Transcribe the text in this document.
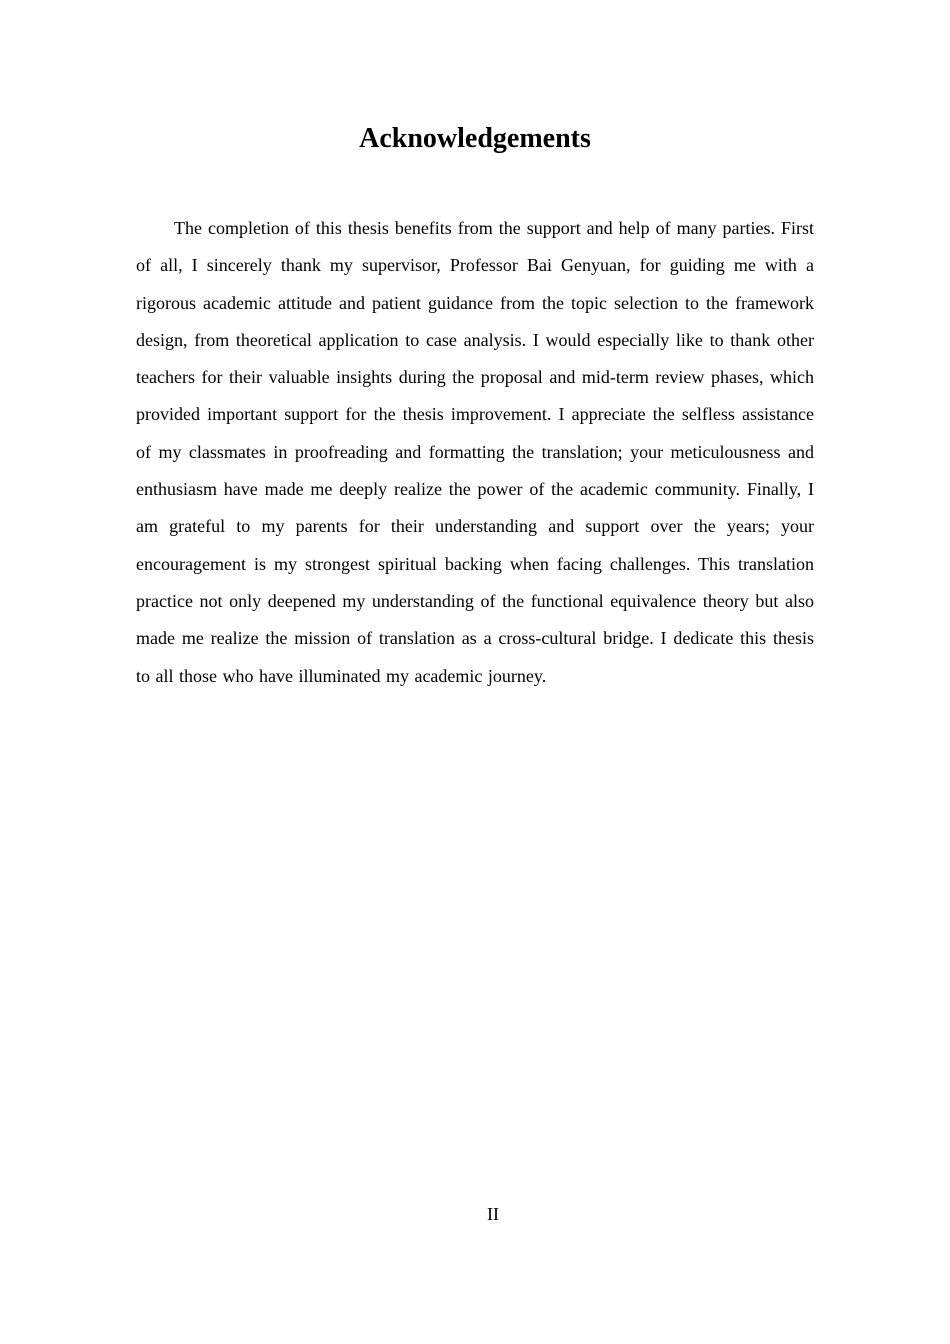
Acknowledgements

The completion of this thesis benefits from the support and help of many parties. First of all, I sincerely thank my supervisor, Professor Bai Genyuan, for guiding me with a rigorous academic attitude and patient guidance from the topic selection to the framework design, from theoretical application to case analysis. I would especially like to thank other teachers for their valuable insights during the proposal and mid-term review phases, which provided important support for the thesis improvement. I appreciate the selfless assistance of my classmates in proofreading and formatting the translation; your meticulousness and enthusiasm have made me deeply realize the power of the academic community. Finally, I am grateful to my parents for their understanding and support over the years; your encouragement is my strongest spiritual backing when facing challenges. This translation practice not only deepened my understanding of the functional equivalence theory but also made me realize the mission of translation as a cross-cultural bridge. I dedicate this thesis to all those who have illuminated my academic journey.

II
